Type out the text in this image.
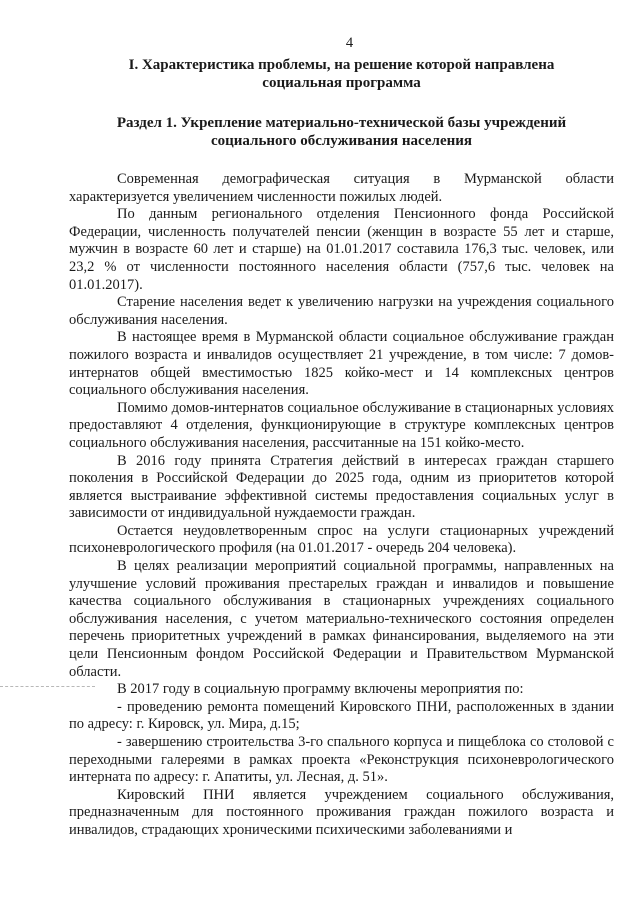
4
I. Характеристика проблемы, на решение которой направлена
социальная программа
Раздел 1. Укрепление материально-технической базы учреждений
социального обслуживания населения

Современная демографическая ситуация в Мурманской области характеризуется увеличением численности пожилых людей.

По данным регионального отделения Пенсионного фонда Российской Федерации, численность получателей пенсии (женщин в возрасте 55 лет и старше, мужчин в возрасте 60 лет и старше) на 01.01.2017 составила 176,3 тыс. человек, или 23,2 % от численности постоянного населения области (757,6 тыс. человек на 01.01.2017).

Старение населения ведет к увеличению нагрузки на учреждения социального обслуживания населения.

В настоящее время в Мурманской области социальное обслуживание граждан пожилого возраста и инвалидов осуществляет 21 учреждение, в том числе: 7 домов-интернатов общей вместимостью 1825 койко-мест и 14 комплексных центров социального обслуживания населения.

Помимо домов-интернатов социальное обслуживание в стационарных условиях предоставляют 4 отделения, функционирующие в структуре комплексных центров социального обслуживания населения, рассчитанные на 151 койко-место.

В 2016 году принята Стратегия действий в интересах граждан старшего поколения в Российской Федерации до 2025 года, одним из приоритетов которой является выстраивание эффективной системы предоставления социальных услуг в зависимости от индивидуальной нуждаемости граждан.

Остается неудовлетворенным спрос на услуги стационарных учреждений психоневрологического профиля (на 01.01.2017 - очередь 204 человека).

В целях реализации мероприятий социальной программы, направленных на улучшение условий проживания престарелых граждан и инвалидов и повышение качества социального обслуживания в стационарных учреждениях социального обслуживания населения, с учетом материально-технического состояния определен перечень приоритетных учреждений в рамках финансирования, выделяемого на эти цели Пенсионным фондом Российской Федерации и Правительством Мурманской области.

В 2017 году в социальную программу включены мероприятия по:

- проведению ремонта помещений Кировского ПНИ, расположенных в здании по адресу: г. Кировск, ул. Мира, д.15;

- завершению строительства 3-го спального корпуса и пищеблока со столовой с переходными галереями в рамках проекта «Реконструкция психоневрологического интерната по адресу: г. Апатиты, ул. Лесная, д. 51».

Кировский ПНИ является учреждением социального обслуживания, предназначенным для постоянного проживания граждан пожилого возраста и инвалидов, страдающих хроническими психическими заболеваниями и
